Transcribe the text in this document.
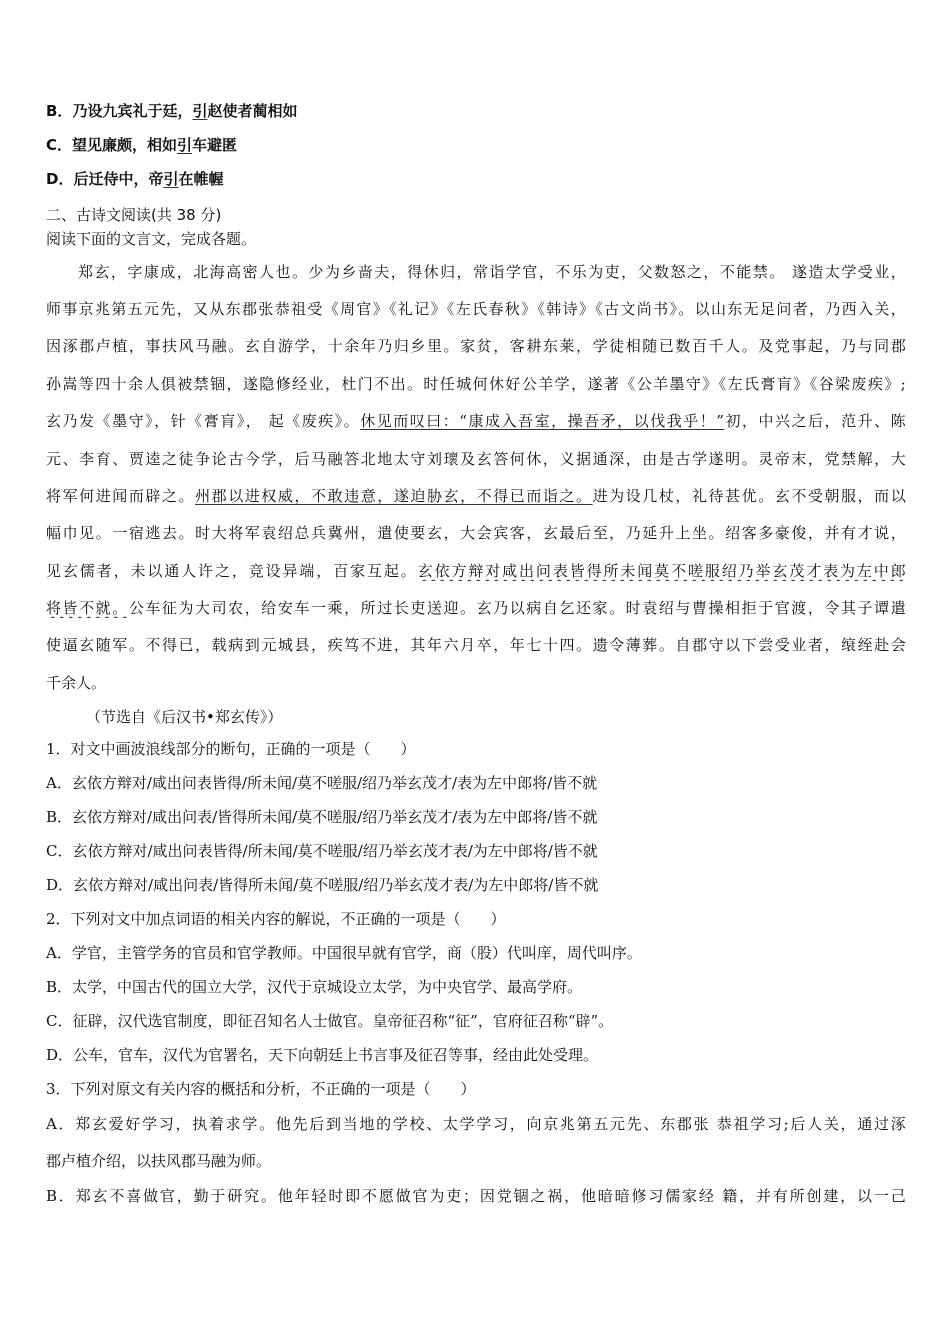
B．乃设九宾礼于廷，引赵使者蔺相如
C．望见廉颇，相如引车避匿
D．后迁侍中，帝引在帷幄
二、古诗文阅读(共 38 分)
阅读下面的文言文，完成各题。
郑玄，字康成，北海高密人也。少为乡啬夫，得休归，常诣学官，不乐为吏，父数怒之，不能禁。 遂造太学受业，
师事京兆第五元先，又从东郡张恭祖受《周官》《礼记》《左氏春秋》《韩诗》《古文尚书》。以山东无足问者，乃西入关，
因涿郡卢植，事扶风马融。玄自游学，十余年乃归乡里。家贫，客耕东莱，学徒相随已数百千人。及党事起，乃与同郡
孙嵩等四十余人俱被禁锢，遂隐修经业，杜门不出。时任城何休好公羊学，遂著《公羊墨守》《左氏膏肓》《谷梁废疾》;
玄乃发《墨守》，针《膏肓》， 起《废疾》。休见而叹曰：“康成入吾室，操吾矛，以伐我乎！”初，中兴之后，范升、陈
元、李育、贾逵之徒争论古今学，后马融答北地太守刘瓌及玄答何休，义据通深，由是古学遂明。灵帝末，党禁解，大
将军何进闻而辟之。州郡以进权威，不敢违意，遂迫胁玄，不得已而诣之。进为设几杖，礼待甚优。玄不受朝服，而以
幅巾见。一宿逃去。时大将军袁绍总兵冀州，遣使要玄，大会宾客，玄最后至，乃延升上坐。绍客多豪俊，并有才说，
见玄儒者，未以通人许之，竞设异端，百家互起。玄依方辩对咸出问表皆得所未闻莫不嗟服绍乃举玄茂才表为左中郎
将皆不就。公车征为大司农，给安车一乘，所过长吏送迎。玄乃以病自乞还家。时袁绍与曹操相拒于官渡，令其子谭遣
使逼玄随军。不得已，载病到元城县，疾笃不进，其年六月卒，年七十四。遗令薄葬。自郡守以下尝受业者，缞绖赴会
千余人。
（节选自《后汉书•郑玄传》）
1．对文中画波浪线部分的断句，正确的一项是（　　）
A．玄依方辩对/咸出问表皆得/所未闻/莫不嗟服/绍乃举玄茂才/表为左中郎将/皆不就
B．玄依方辩对/咸出问表/皆得所未闻/莫不嗟服/绍乃举玄茂才/表为左中郎将/皆不就
C．玄依方辩对/咸出问表皆得/所未闻/莫不嗟服/绍乃举玄茂才表/为左中郎将/皆不就
D．玄依方辩对/咸出问表/皆得所未闻/莫不嗟服/绍乃举玄茂才表/为左中郎将/皆不就
2．下列对文中加点词语的相关内容的解说，不正确的一项是（　　）
A．学官，主管学务的官员和官学教师。中国很早就有官学，商（股）代叫庠，周代叫序。
B．太学，中国古代的国立大学，汉代于京城设立太学，为中央官学、最高学府。
C．征辟，汉代选官制度，即征召知名人士做官。皇帝征召称“征”，官府征召称“辟”。
D．公车，官车，汉代为官署名，天下向朝廷上书言事及征召等事，经由此处受理。
3．下列对原文有关内容的概括和分析，不正确的一项是（　　）
A．郑玄爱好学习，执着求学。他先后到当地的学校、太学学习，向京兆第五元先、东郡张 恭祖学习;后人关，通过涿
郡卢植介绍，以扶风郡马融为师。
B．郑玄不喜做官，勤于研究。他年轻时即不愿做官为吏；因党锢之祸，他暗暗修习儒家经 籍，并有所创建，以一己
